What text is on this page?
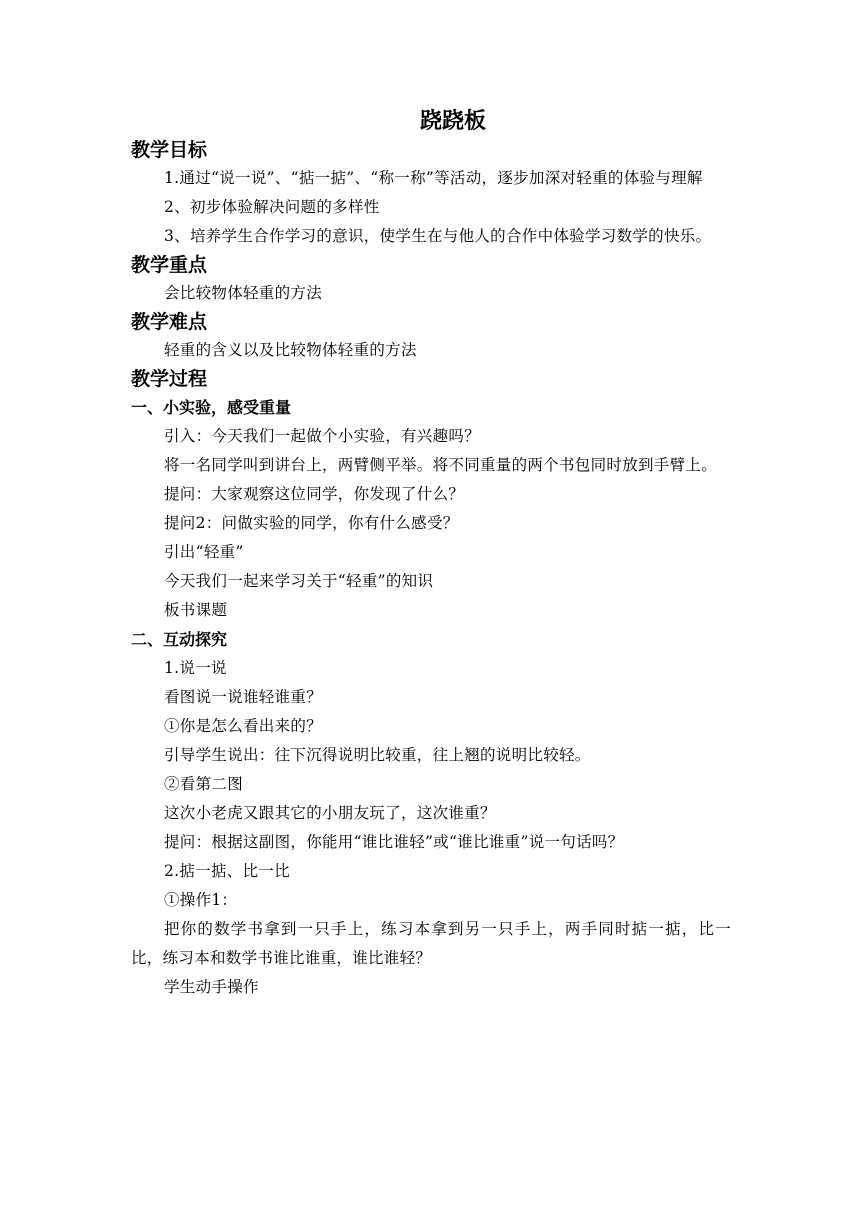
跷跷板
教学目标

1.通过“说一说”、“掂一掂”、“称一称”等活动，逐步加深对轻重的体验与理解

2、初步体验解决问题的多样性

3、培养学生合作学习的意识，使学生在与他人的合作中体验学习数学的快乐。

教学重点

会比较物体轻重的方法

教学难点

轻重的含义以及比较物体轻重的方法

教学过程
一、小实验，感受重量

引入：今天我们一起做个小实验，有兴趣吗？

将一名同学叫到讲台上，两臂侧平举。将不同重量的两个书包同时放到手臂上。

提问：大家观察这位同学，你发现了什么？

提问2：问做实验的同学，你有什么感受？

引出“轻重”

今天我们一起来学习关于“轻重”的知识

板书课题

二、互动探究

1.说一说

看图说一说谁轻谁重？

①你是怎么看出来的？

引导学生说出：往下沉得说明比较重，往上翘的说明比较轻。

②看第二图

这次小老虎又跟其它的小朋友玩了，这次谁重？

提问：根据这副图，你能用“谁比谁轻”或“谁比谁重”说一句话吗？

2.掂一掂、比一比

①操作1：

把你的数学书拿到一只手上，练习本拿到另一只手上，两手同时掂一掂，比一比，练习本和数学书谁比谁重，谁比谁轻？

学生动手操作
